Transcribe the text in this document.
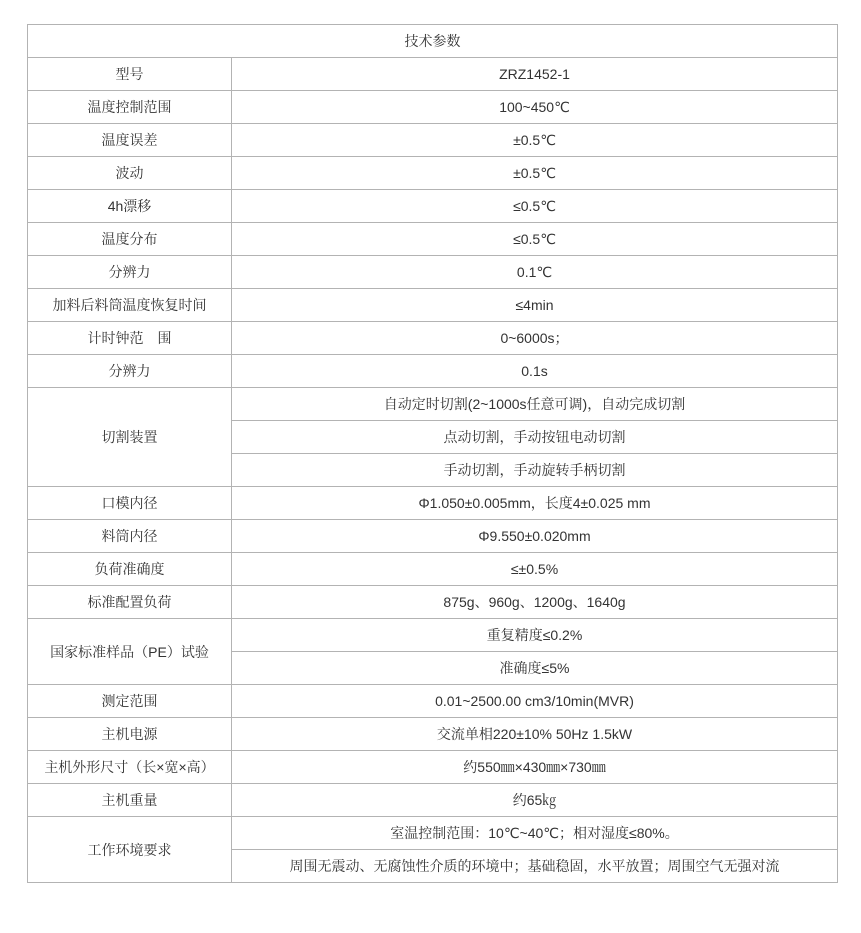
技术参数	
型号	ZRZ1452-1
温度控制范围	100~450℃
温度误差	±0.5℃
波动	±0.5℃
4h漂移	≤0.5℃
温度分布	≤0.5℃
分辨力	0.1℃
加料后料筒温度恢复时间	≤4min
计时钟范　围	0~6000s；
分辨力	0.1s
切割装置	自动定时切割(2~1000s任意可调)，自动完成切割
	点动切割，手动按钮电动切割
	手动切割，手动旋转手柄切割
口模内径	Φ1.050±0.005mm，长度4±0.025 mm
料筒内径	Φ9.550±0.020mm
负荷准确度	≤±0.5%
标准配置负荷	875g、960g、1200g、1640g
国家标准样品（PE）试验	重复精度≤0.2%
	准确度≤5%
测定范围	0.01~2500.00 cm3/10min(MVR)
主机电源	交流单相220±10% 50Hz 1.5kW
主机外形尺寸（长×宽×高）	约550㎜×430㎜×730㎜
主机重量	约65㎏
工作环境要求	室温控制范围：10℃~40℃；相对湿度≤80%。
	周围无震动、无腐蚀性介质的环境中；基础稳固，水平放置；周围空气无强对流
